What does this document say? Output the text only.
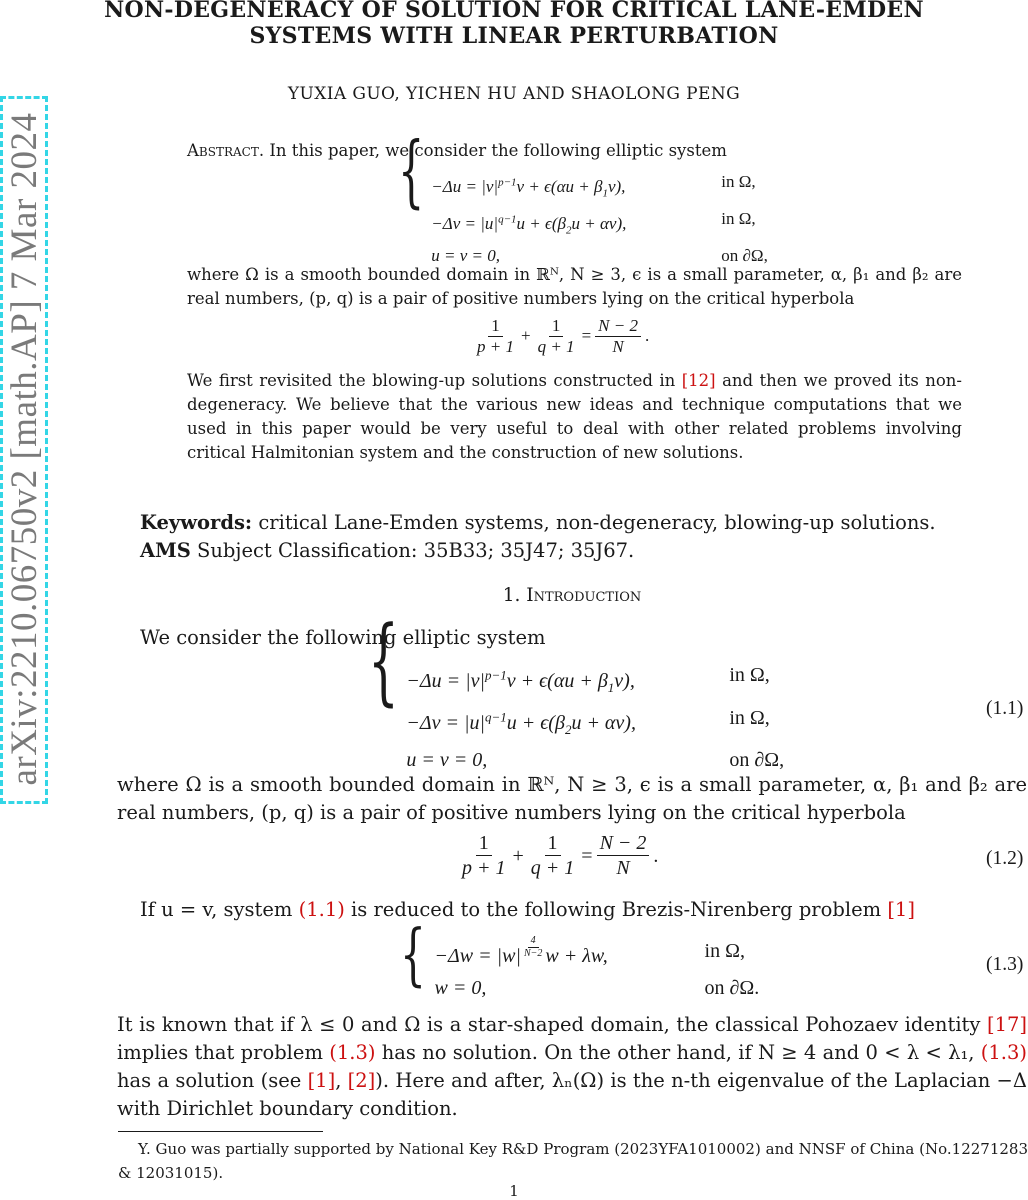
arXiv:2210.06750v2 [math.AP] 7 Mar 2024
NON-DEGENERACY OF SOLUTION FOR CRITICAL LANE-EMDEN
SYSTEMS WITH LINEAR PERTURBATION
YUXIA GUO, YICHEN HU AND SHAOLONG PENG
Abstract. In this paper, we consider the following elliptic system
{ $-\Delta u = |v|^{p-1}v + \epsilon(\alpha u + \beta_1v)$,	in Ω,
$-\Delta v = |u|^{q-1}u + \epsilon(\beta_2u + \alpha v)$,	in Ω,
u = v = 0,	on ∂Ω,
where Ω is a smooth bounded domain in ℝᴺ, N ≥ 3, ϵ is a small parameter, α, β₁ and β₂ are real numbers, (p, q) is a pair of positive numbers lying on the critical hyperbola
$\frac{1}{p + 1} + \frac{1}{q + 1} = \frac{N - 2}{N}$ .
We first revisited the blowing-up solutions constructed in [12] and then we proved its non-degeneracy. We believe that the various new ideas and technique computations that we used in this paper would be very useful to deal with other related problems involving critical Halmitonian system and the construction of new solutions.
Keywords: critical Lane-Emden systems, non-degeneracy, blowing-up solutions.
AMS Subject Classification: 35B33; 35J47; 35J67.
1. Introduction
We consider the following elliptic system
{ $-\Delta u = |v|^{p-1}v + \epsilon(\alpha u + \beta_1v)$,	in Ω,
$-\Delta v = |u|^{q-1}u + \epsilon(\beta_2u + \alpha v)$,	in Ω,
u = v = 0,	on ∂Ω,
(1.1)
where Ω is a smooth bounded domain in ℝᴺ, N ≥ 3, ϵ is a small parameter, α, β₁ and β₂ are real numbers, (p, q) is a pair of positive numbers lying on the critical hyperbola
$\frac{1}{p + 1} + \frac{1}{q + 1} = \frac{N - 2}{N}$ .	(1.2)
If u = v, system (1.1) is reduced to the following Brezis-Nirenberg problem [1]
{ −Δw = |w| $^{\frac{4}{N-2}}$ w + λw,	in Ω,
w = 0,	on ∂Ω.
(1.3)
It is known that if λ ≤ 0 and Ω is a star-shaped domain, the classical Pohozaev identity [17] implies that problem (1.3) has no solution. On the other hand, if N ≥ 4 and 0 < λ < λ₁, (1.3) has a solution (see [1], [2]). Here and after, λₙ(Ω) is the n-th eigenvalue of the Laplacian −Δ with Dirichlet boundary condition.
Y. Guo was partially supported by National Key R&D Program (2023YFA1010002) and NNSF of China (No.12271283 & 12031015).
1
